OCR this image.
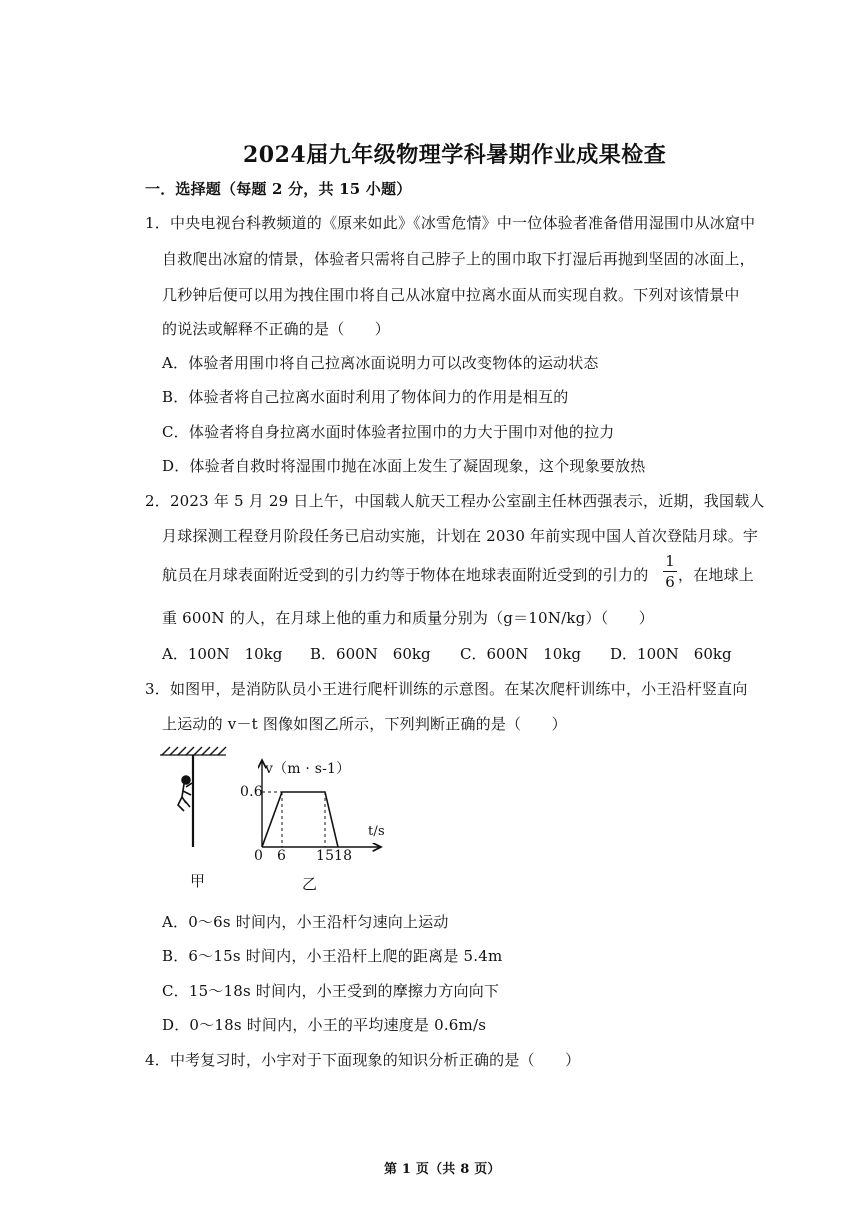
2024届九年级物理学科暑期作业成果检查
一．选择题（每题 2 分，共 15 小题）
1．中央电视台科教频道的《原来如此》《冰雪危情》中一位体验者准备借用湿围巾从冰窟中
自救爬出冰窟的情景，体验者只需将自己脖子上的围巾取下打湿后再抛到坚固的冰面上，
几秒钟后便可以用为拽住围巾将自己从冰窟中拉离水面从而实现自救。下列对该情景中
的说法或解释不正确的是（　　）
A．体验者用围巾将自己拉离冰面说明力可以改变物体的运动状态
B．体验者将自己拉离水面时利用了物体间力的作用是相互的
C．体验者将自身拉离水面时体验者拉围巾的力大于围巾对他的拉力
D．体验者自救时将湿围巾抛在冰面上发生了凝固现象，这个现象要放热
2．2023 年 5 月 29 日上午，中国载人航天工程办公室副主任林西强表示，近期，我国载人
月球探测工程登月阶段任务已启动实施，计划在 2030 年前实现中国人首次登陆月球。宇
航员在月球表面附近受到的引力约等于物体在地球表面附近受到的引力的
1
6 ，在地球上
重 600N 的人，在月球上他的重力和质量分别为（g＝10N/kg）（　　）
A．100N　10kg B．600N　60kg C．600N　10kg D．100N　60kg
3．如图甲，是消防队员小王进行爬杆训练的示意图。在某次爬杆训练中，小王沿杆竖直向
上运动的 v－t 图像如图乙所示，下列判断正确的是（　　）
甲
v（m · s-1）
0.6
t/s
0 6 15 18
乙
A．0～6s 时间内，小王沿杆匀速向上运动
B．6～15s 时间内，小王沿杆上爬的距离是 5.4m
C．15～18s 时间内，小王受到的摩擦力方向向下
D．0～18s 时间内，小王的平均速度是 0.6m/s
4．中考复习时，小宇对于下面现象的知识分析正确的是（　　）
第 1 页（共 8 页）
